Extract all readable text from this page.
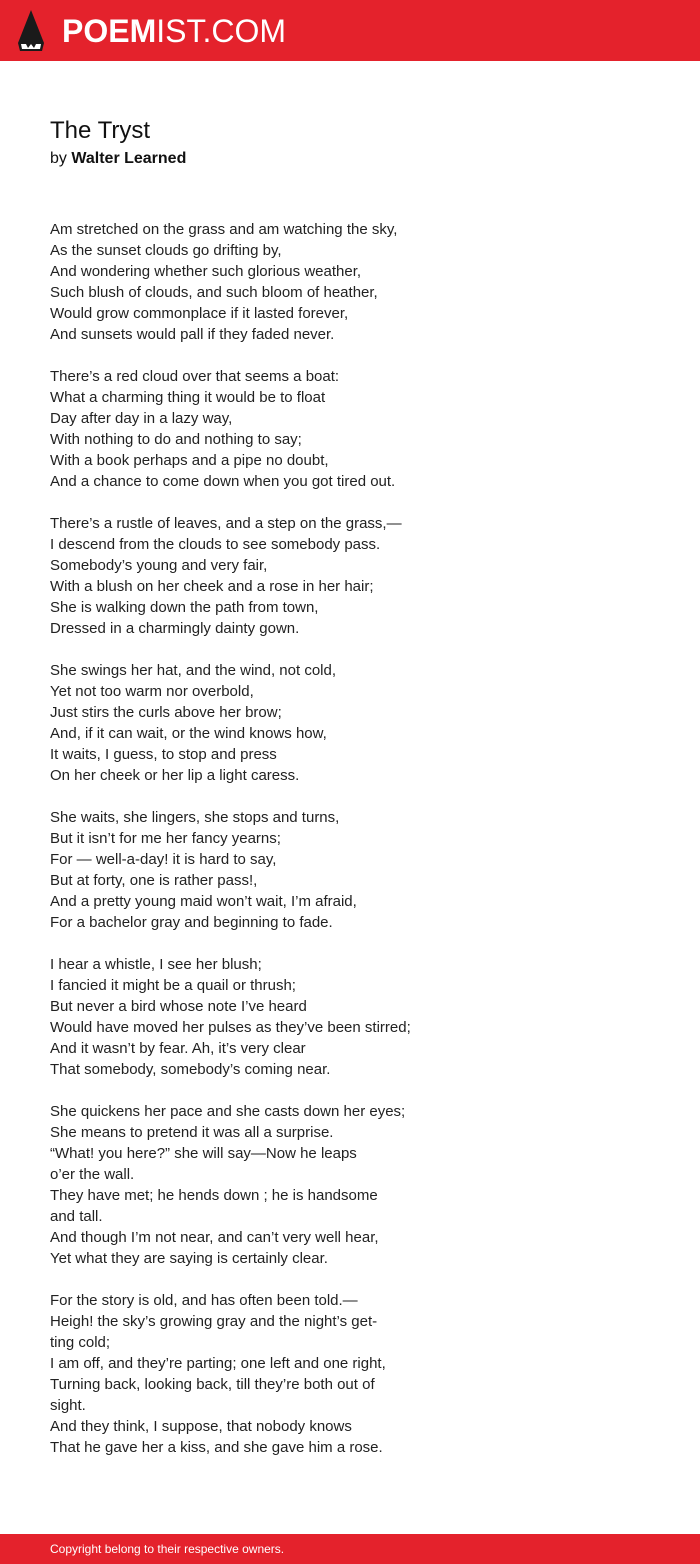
POEMIST.COM
The Tryst
by Walter Learned
Am stretched on the grass and am watching the sky,
As the sunset clouds go drifting by,
And wondering whether such glorious weather,
Such blush of clouds, and such bloom of heather,
Would grow commonplace if it lasted forever,
And sunsets would pall if they faded never.
There’s a red cloud over that seems a boat:
What a charming thing it would be to float
Day after day in a lazy way,
With nothing to do and nothing to say;
With a book perhaps and a pipe no doubt,
And a chance to come down when you got tired out.
There’s a rustle of leaves, and a step on the grass,—
I descend from the clouds to see somebody pass.
Somebody’s young and very fair,
With a blush on her cheek and a rose in her hair;
She is walking down the path from town,
Dressed in a charmingly dainty gown.
She swings her hat, and the wind, not cold,
Yet not too warm nor overbold,
Just stirs the curls above her brow;
And, if it can wait, or the wind knows how,
It waits, I guess, to stop and press
On her cheek or her lip a light caress.
She waits, she lingers, she stops and turns,
But it isn’t for me her fancy yearns;
For — well-a-day! it is hard to say,
But at forty, one is rather pass!,
And a pretty young maid won’t wait, I’m afraid,
For a bachelor gray and beginning to fade.
I hear a whistle, I see her blush;
I fancied it might be a quail or thrush;
But never a bird whose note I’ve heard
Would have moved her pulses as they’ve been stirred;
And it wasn’t by fear. Ah, it’s very clear
That somebody, somebody’s coming near.
She quickens her pace and she casts down her eyes;
She means to pretend it was all a surprise.
“What! you here?” she will say—Now he leaps
o’er the wall.
They have met; he hends down ; he is handsome
and tall.
And though I’m not near, and can’t very well hear,
Yet what they are saying is certainly clear.
For the story is old, and has often been told.—
Heigh! the sky’s growing gray and the night’s get-
ting cold;
I am off, and they’re parting; one left and one right,
Turning back, looking back, till they’re both out of
sight.
And they think, I suppose, that nobody knows
That he gave her a kiss, and she gave him a rose.
Copyright belong to their respective owners.
